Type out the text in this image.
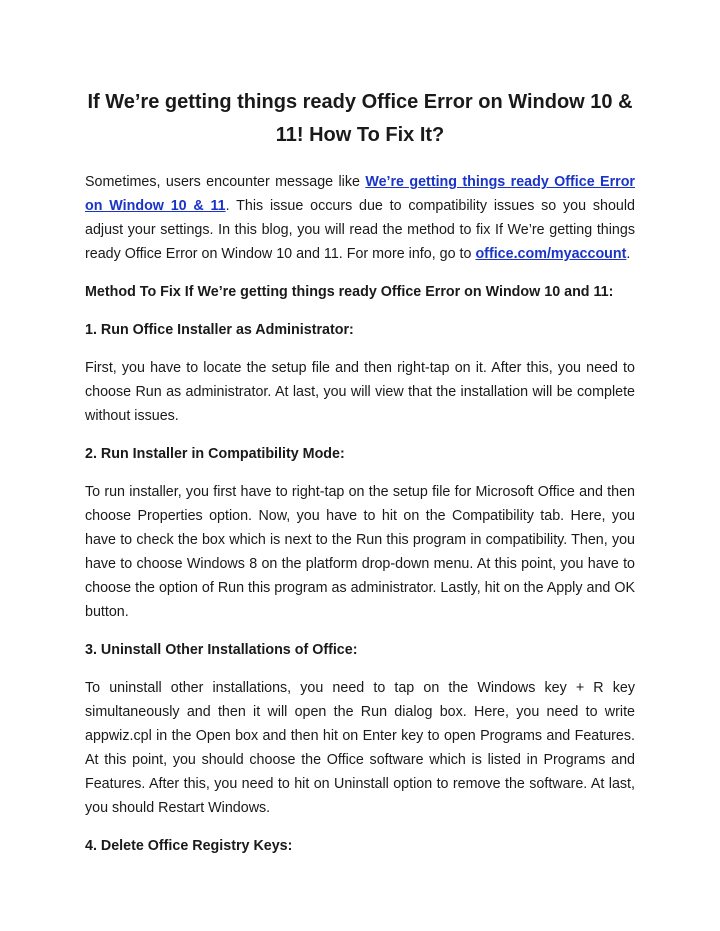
If We’re getting things ready Office Error on Window 10 & 11! How To Fix It?

Sometimes, users encounter message like We’re getting things ready Office Error on Window 10 & 11. This issue occurs due to compatibility issues so you should adjust your settings. In this blog, you will read the method to fix If We’re getting things ready Office Error on Window 10 and 11. For more info, go to office.com/myaccount.

Method To Fix If We’re getting things ready Office Error on Window 10 and 11:

1. Run Office Installer as Administrator:

First, you have to locate the setup file and then right-tap on it. After this, you need to choose Run as administrator. At last, you will view that the installation will be complete without issues.

2. Run Installer in Compatibility Mode:

To run installer, you first have to right-tap on the setup file for Microsoft Office and then choose Properties option. Now, you have to hit on the Compatibility tab. Here, you have to check the box which is next to the Run this program in compatibility. Then, you have to choose Windows 8 on the platform drop-down menu. At this point, you have to choose the option of Run this program as administrator. Lastly, hit on the Apply and OK button.

3. Uninstall Other Installations of Office:

To uninstall other installations, you need to tap on the Windows key + R key simultaneously and then it will open the Run dialog box. Here, you need to write appwiz.cpl in the Open box and then hit on Enter key to open Programs and Features. At this point, you should choose the Office software which is listed in Programs and Features. After this, you need to hit on Uninstall option to remove the software. At last, you should Restart Windows.

4. Delete Office Registry Keys:
